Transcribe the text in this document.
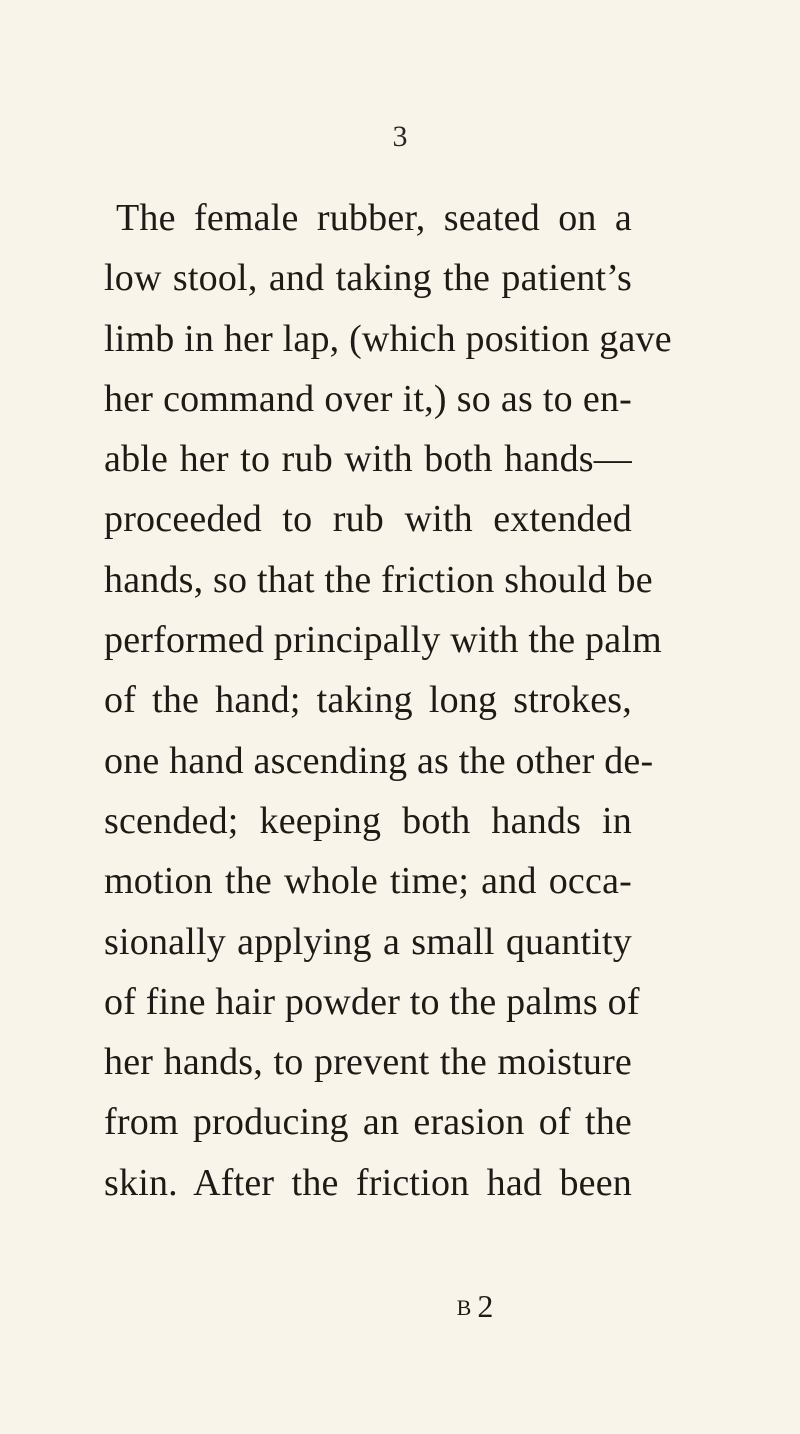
3
The female rubber, seated on a
low stool, and taking the patient’s
limb in her lap, (which position gave
her command over it,) so as to en-
able her to rub with both hands—
proceeded to rub with extended
hands, so that the friction should be
performed principally with the palm
of the hand; taking long strokes,
one hand ascending as the other de-
scended; keeping both hands in
motion the whole time; and occa-
sionally applying a small quantity
of fine hair powder to the palms of
her hands, to prevent the moisture
from producing an erasion of the
skin. After the friction had been
B 2
